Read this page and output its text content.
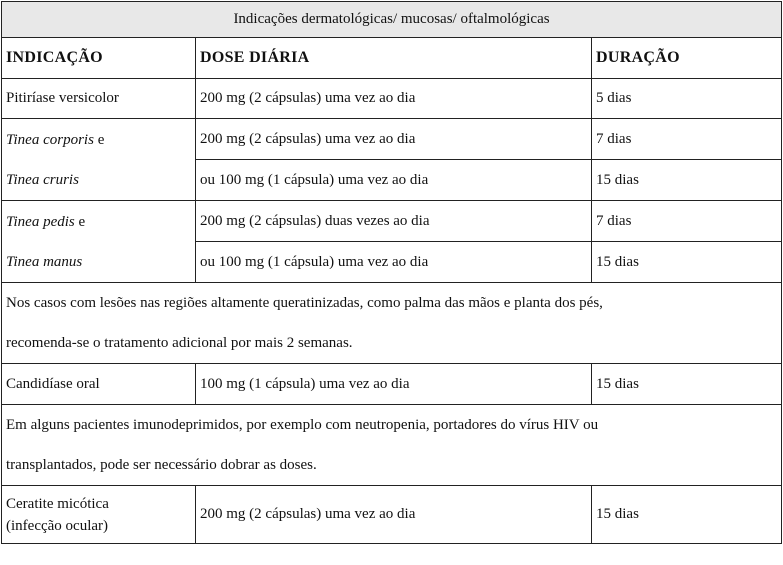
Indicações dermatológicas/ mucosas/ oftalmológicas		
INDICAÇÃO	DOSE DIÁRIA	DURAÇÃO
Pitiríase versicolor	200 mg (2 cápsulas) uma vez ao dia	5 dias

Tinea corporis e
Tinea cruris	200 mg (2 cápsulas) uma vez ao dia	7 dias
	ou 100 mg (1 cápsula) uma vez ao dia	15 dias

Tinea pedis e
Tinea manus	200 mg (2 cápsulas) duas vezes ao dia	7 dias
	ou 100 mg (1 cápsula) uma vez ao dia	15 dias

Nos casos com lesões nas regiões altamente queratinizadas, como palma das mãos e planta dos pés,
recomenda-se o tratamento adicional por mais 2 semanas.		

Candidíase oral	100 mg (1 cápsula) uma vez ao dia	15 dias

Em alguns pacientes imunodeprimidos, por exemplo com neutropenia, portadores do vírus HIV ou
transplantados, pode ser necessário dobrar as doses.		

Ceratite micótica
(infecção ocular)	200 mg (2 cápsulas) uma vez ao dia	15 dias
